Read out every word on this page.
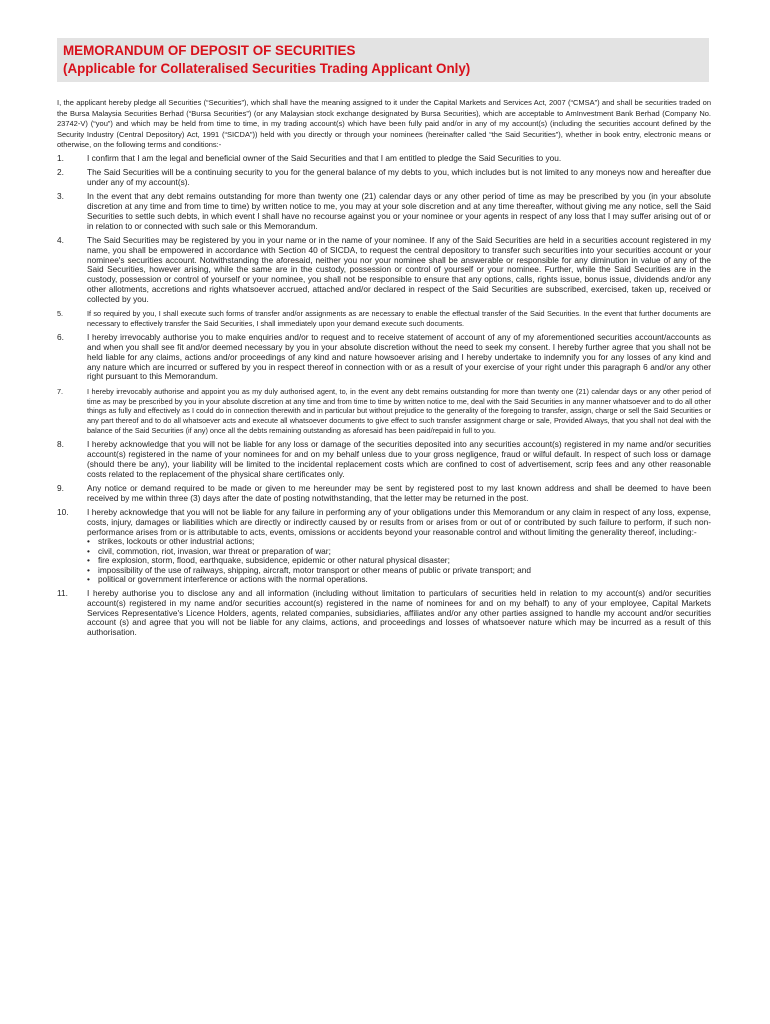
MEMORANDUM OF DEPOSIT OF SECURITIES
(Applicable for Collateralised Securities Trading Applicant Only)
I, the applicant hereby pledge all Securities (“Securities”), which shall have the meaning assigned to it under the Capital Markets and Services Act, 2007 (“CMSA”) and shall be securities traded on the Bursa Malaysia Securities Berhad (“Bursa Securities”) (or any Malaysian stock exchange designated by Bursa Securities), which are acceptable to AmInvestment Bank Berhad (Company No. 23742-V) (“you”) and which may be held from time to time, in my trading account(s) which have been fully paid and/or in any of my account(s) (including the securities account defined by the Security Industry (Central Depository) Act, 1991 (“SICDA”)) held with you directly or through your nominees (hereinafter called “the Said Securities”), whether in book entry, electronic means or otherwise, on the following terms and conditions:-
1.	I confirm that I am the legal and beneficial owner of the Said Securities and that I am entitled to pledge the Said Securities to you.
2.	The Said Securities will be a continuing security to you for the general balance of my debts to you, which includes but is not limited to any moneys now and hereafter due under any of my account(s).
3.	In the event that any debt remains outstanding for more than twenty one (21) calendar days or any other period of time as may be prescribed by you (in your absolute discretion at any time and from time to time) by written notice to me, you may at your sole discretion and at any time thereafter, without giving me any notice, sell the Said Securities to settle such debts, in which event I shall have no recourse against you or your nominee or your agents in respect of any loss that I may suffer arising out of or in relation to or connected with such sale or this Memorandum.
4.	The Said Securities may be registered by you in your name or in the name of your nominee. If any of the Said Securities are held in a securities account registered in my name, you shall be empowered in accordance with Section 40 of SICDA, to request the central depository to transfer such securities into your securities account or your nominee's securities account. Notwithstanding the aforesaid, neither you nor your nominee shall be answerable or responsible for any diminution in value of any of the Said Securities, however arising, while the same are in the custody, possession or control of yourself or your nominee. Further, while the Said Securities are in the custody, possession or control of yourself or your nominee, you shall not be responsible to ensure that any options, calls, rights issue, bonus issue, dividends and/or any other allotments, accretions and rights whatsoever accrued, attached and/or declared in respect of the Said Securities are subscribed, exercised, taken up, received or collected by you.
5.	If so required by you, I shall execute such forms of transfer and/or assignments as are necessary to enable the effectual transfer of the Said Securities. In the event that further documents are necessary to effectively transfer the Said Securities, I shall immediately upon your demand execute such documents.
6.	I hereby irrevocably authorise you to make enquiries and/or to request and to receive statement of account of any of my aforementioned securities account/accounts as and when you shall see fit and/or deemed necessary by you in your absolute discretion without the need to seek my consent. I hereby further agree that you shall not be held liable for any claims, actions and/or proceedings of any kind and nature howsoever arising and I hereby undertake to indemnify you for any losses of any kind and any nature which are incurred or suffered by you in respect thereof in connection with or as a result of your exercise of your right under this paragraph 6 and/or any other right pursuant to this Memorandum.
7.	I hereby irrevocably authorise and appoint you as my duly authorised agent, to, in the event any debt remains outstanding for more than twenty one (21) calendar days or any other period of time as may be prescribed by you in your absolute discretion at any time and from time to time by written notice to me, deal with the Said Securities in any manner whatsoever and to do all other things as fully and effectively as I could do in connection therewith and in particular but without prejudice to the generality of the foregoing to transfer, assign, charge or sell the Said Securities or any part thereof and to do all whatsoever acts and execute all whatsoever documents to give effect to such transfer assignment charge or sale, Provided Always, that you shall not deal with the balance of the Said Securities (if any) once all the debts remaining outstanding as aforesaid has been paid/repaid in full to you.
8.	I hereby acknowledge that you will not be liable for any loss or damage of the securities deposited into any securities account(s) registered in my name and/or securities account(s) registered in the name of your nominees for and on my behalf unless due to your gross negligence, fraud or wilful default. In respect of such loss or damage (should there be any), your liability will be limited to the incidental replacement costs which are confined to cost of advertisement, scrip fees and any other reasonable costs related to the replacement of the physical share certificates only.
9.	Any notice or demand required to be made or given to me hereunder may be sent by registered post to my last known address and shall be deemed to have been received by me within three (3) days after the date of posting notwithstanding, that the letter may be returned in the post.
10.	I hereby acknowledge that you will not be liable for any failure in performing any of your obligations under this Memorandum or any claim in respect of any loss, expense, costs, injury, damages or liabilities which are directly or indirectly caused by or results from or arises from or out of or contributed by such failure to perform, if such non-performance arises from or is attributable to acts, events, omissions or accidents beyond your reasonable control and without limiting the generality thereof, including:-
• strikes, lockouts or other industrial actions;
• civil, commotion, riot, invasion, war threat or preparation of war;
• fire explosion, storm, flood, earthquake, subsidence, epidemic or other natural physical disaster;
• impossibility of the use of railways, shipping, aircraft, motor transport or other means of public or private transport; and
• political or government interference or actions with the normal operations.
11.	I hereby authorise you to disclose any and all information (including without limitation to particulars of securities held in relation to my account(s) and/or securities account(s) registered in my name and/or securities account(s) registered in the name of nominees for and on my behalf) to any of your employee, Capital Markets Services Representative's Licence Holders, agents, related companies, subsidiaries, affiliates and/or any other parties assigned to handle my account and/or securities account (s) and agree that you will not be liable for any claims, actions, and proceedings and losses of whatsoever nature which may be incurred as a result of this authorisation.
